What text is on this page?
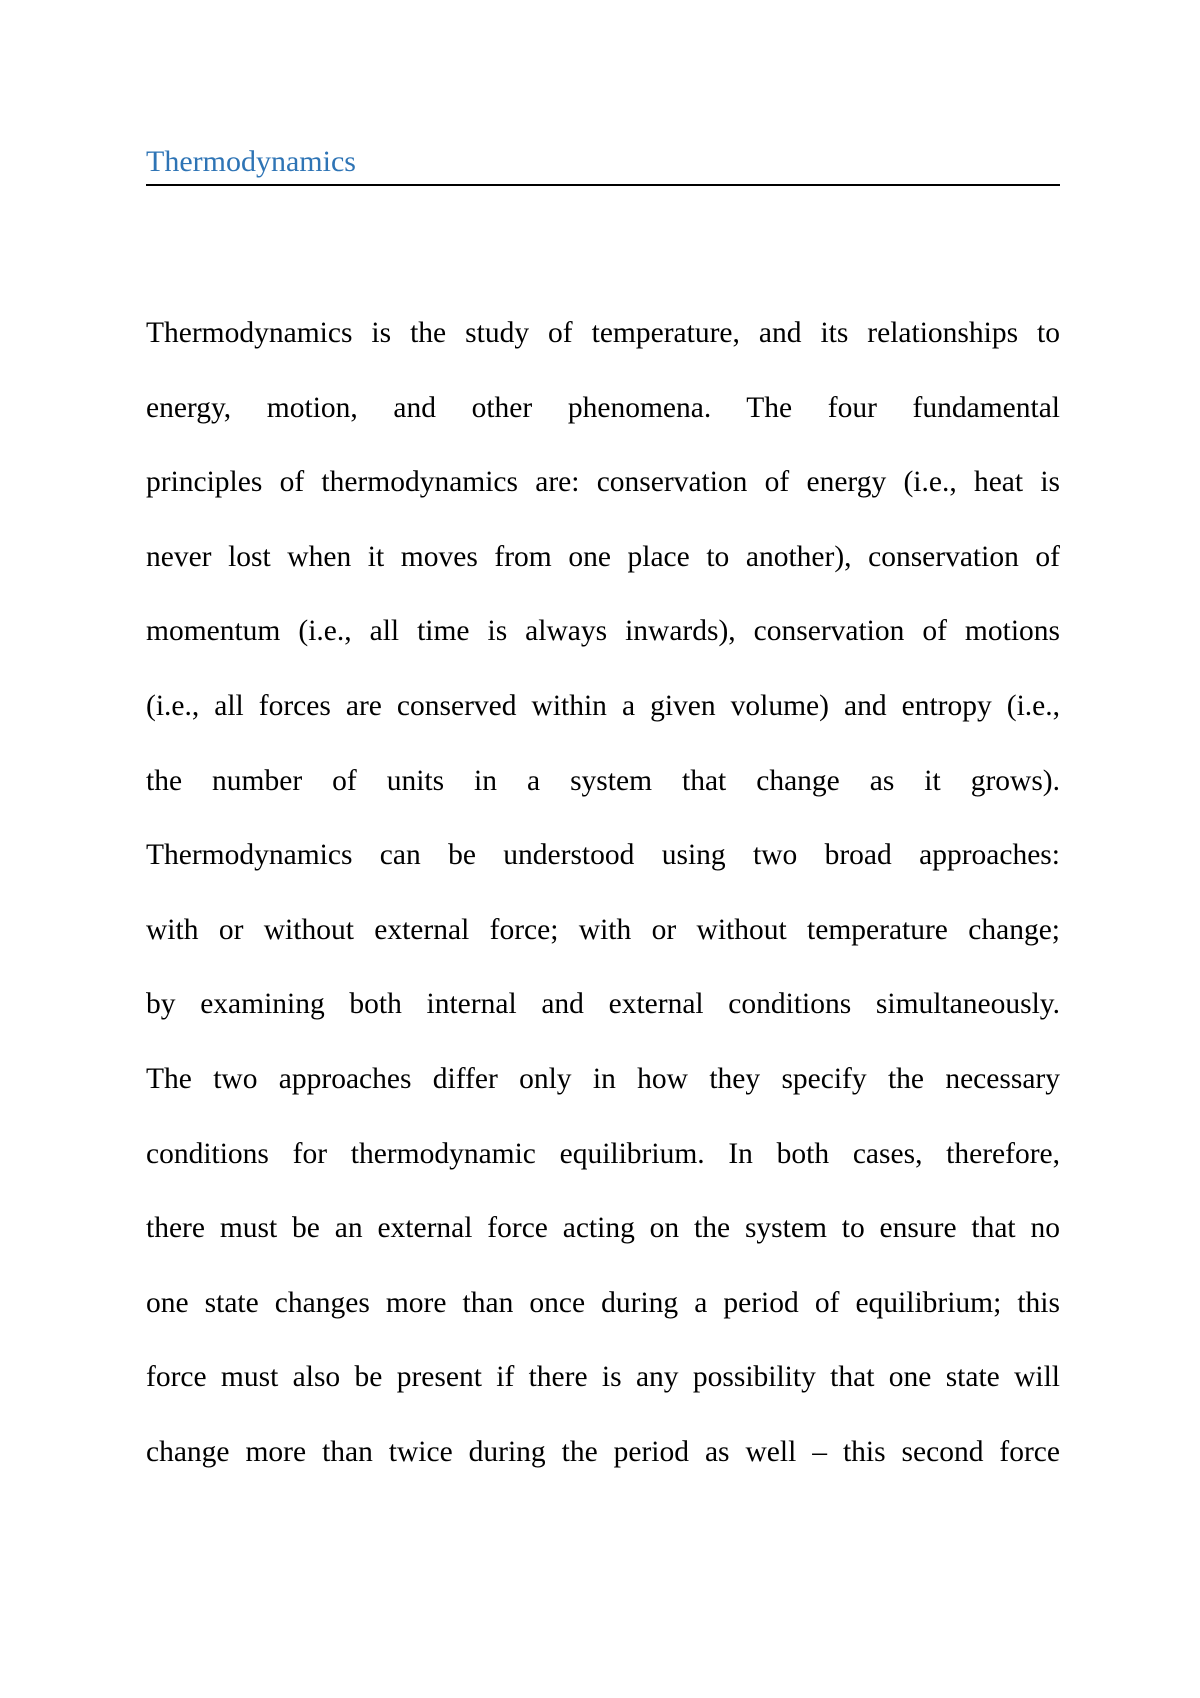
Thermodynamics
Thermodynamics is the study of temperature, and its relationships to
energy, motion, and other phenomena. The four fundamental
principles of thermodynamics are: conservation of energy (i.e., heat is
never lost when it moves from one place to another), conservation of
momentum (i.e., all time is always inwards), conservation of motions
(i.e., all forces are conserved within a given volume) and entropy (i.e.,
the number of units in a system that change as it grows).
Thermodynamics can be understood using two broad approaches:
with or without external force; with or without temperature change;
by examining both internal and external conditions simultaneously.
The two approaches differ only in how they specify the necessary
conditions for thermodynamic equilibrium. In both cases, therefore,
there must be an external force acting on the system to ensure that no
one state changes more than once during a period of equilibrium; this
force must also be present if there is any possibility that one state will
change more than twice during the period as well – this second force
